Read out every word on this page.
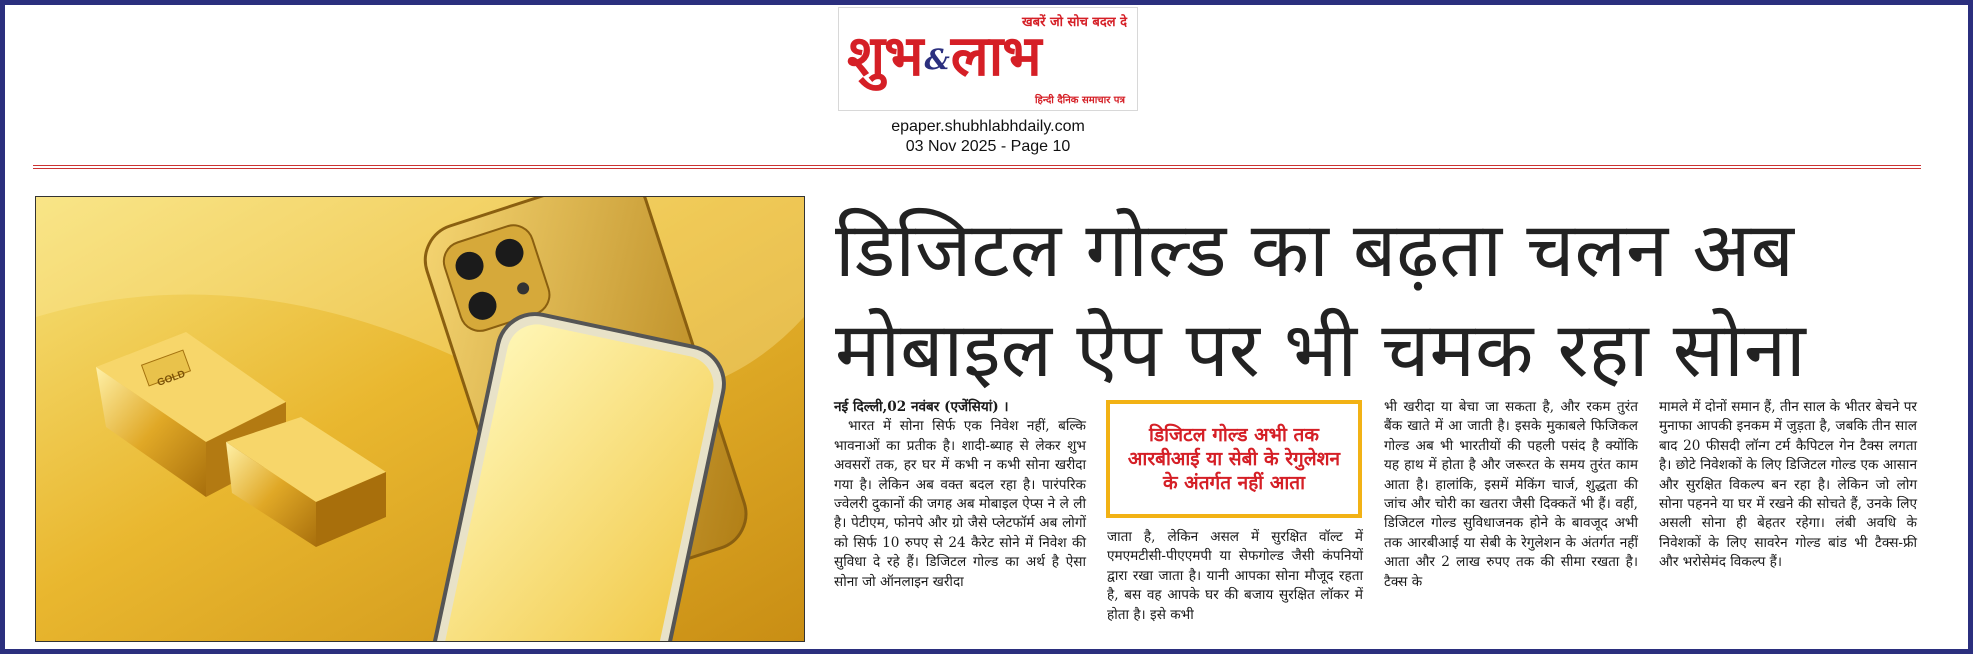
खबरें जो सोच बदल दे
शुभ&लाभ
हिन्दी दैनिक समाचार पत्र
epaper.shubhlabhdaily.com
03 Nov 2025 - Page 10
GOLD
डिजिटल गोल्ड का बढ़ता चलन अब
मोबाइल ऐप पर भी चमक रहा सोना

नई दिल्ली,02 नवंबर (एजेंसियां) ।

भारत में सोना सिर्फ एक निवेश नहीं, बल्कि भावनाओं का प्रतीक है। शादी-ब्याह से लेकर शुभ अवसरों तक, हर घर में कभी न कभी सोना खरीदा गया है। लेकिन अब वक्त बदल रहा है। पारंपरिक ज्वेलरी दुकानों की जगह अब मोबाइल ऐप्स ने ले ली है। पेटीएम, फोनपे और ग्रो जैसे प्लेटफॉर्म अब लोगों को सिर्फ 10 रुपए से 24 कैरेट सोने में निवेश की सुविधा दे रहे हैं। डिजिटल गोल्ड का अर्थ है ऐसा सोना जो ऑनलाइन खरीदा

डिजिटल गोल्ड अभी तक आरबीआई या सेबी के रेगुलेशन के अंतर्गत नहीं आता

जाता है, लेकिन असल में सुरक्षित वॉल्ट में एमएमटीसी-पीएएमपी या सेफगोल्ड जैसी कंपनियों द्वारा रखा जाता है। यानी आपका सोना मौजूद रहता है, बस वह आपके घर की बजाय सुरक्षित लॉकर में होता है। इसे कभी

भी खरीदा या बेचा जा सकता है, और रकम तुरंत बैंक खाते में आ जाती है। इसके मुकाबले फिजिकल गोल्ड अब भी भारतीयों की पहली पसंद है क्योंकि यह हाथ में होता है और जरूरत के समय तुरंत काम आता है। हालांकि, इसमें मेकिंग चार्ज, शुद्धता की जांच और चोरी का खतरा जैसी दिक्कतें भी हैं। वहीं, डिजिटल गोल्ड सुविधाजनक होने के बावजूद अभी तक आरबीआई या सेबी के रेगुलेशन के अंतर्गत नहीं आता और 2 लाख रुपए तक की सीमा रखता है। टैक्स के

मामले में दोनों समान हैं, तीन साल के भीतर बेचने पर मुनाफा आपकी इनकम में जुड़ता है, जबकि तीन साल बाद 20 फीसदी लॉन्ग टर्म कैपिटल गेन टैक्स लगता है। छोटे निवेशकों के लिए डिजिटल गोल्ड एक आसान और सुरक्षित विकल्प बन रहा है। लेकिन जो लोग सोना पहनने या घर में रखने की सोचते हैं, उनके लिए असली सोना ही बेहतर रहेगा। लंबी अवधि के निवेशकों के लिए सावरेन गोल्ड बांड भी टैक्स-फ्री और भरोसेमंद विकल्प हैं।
